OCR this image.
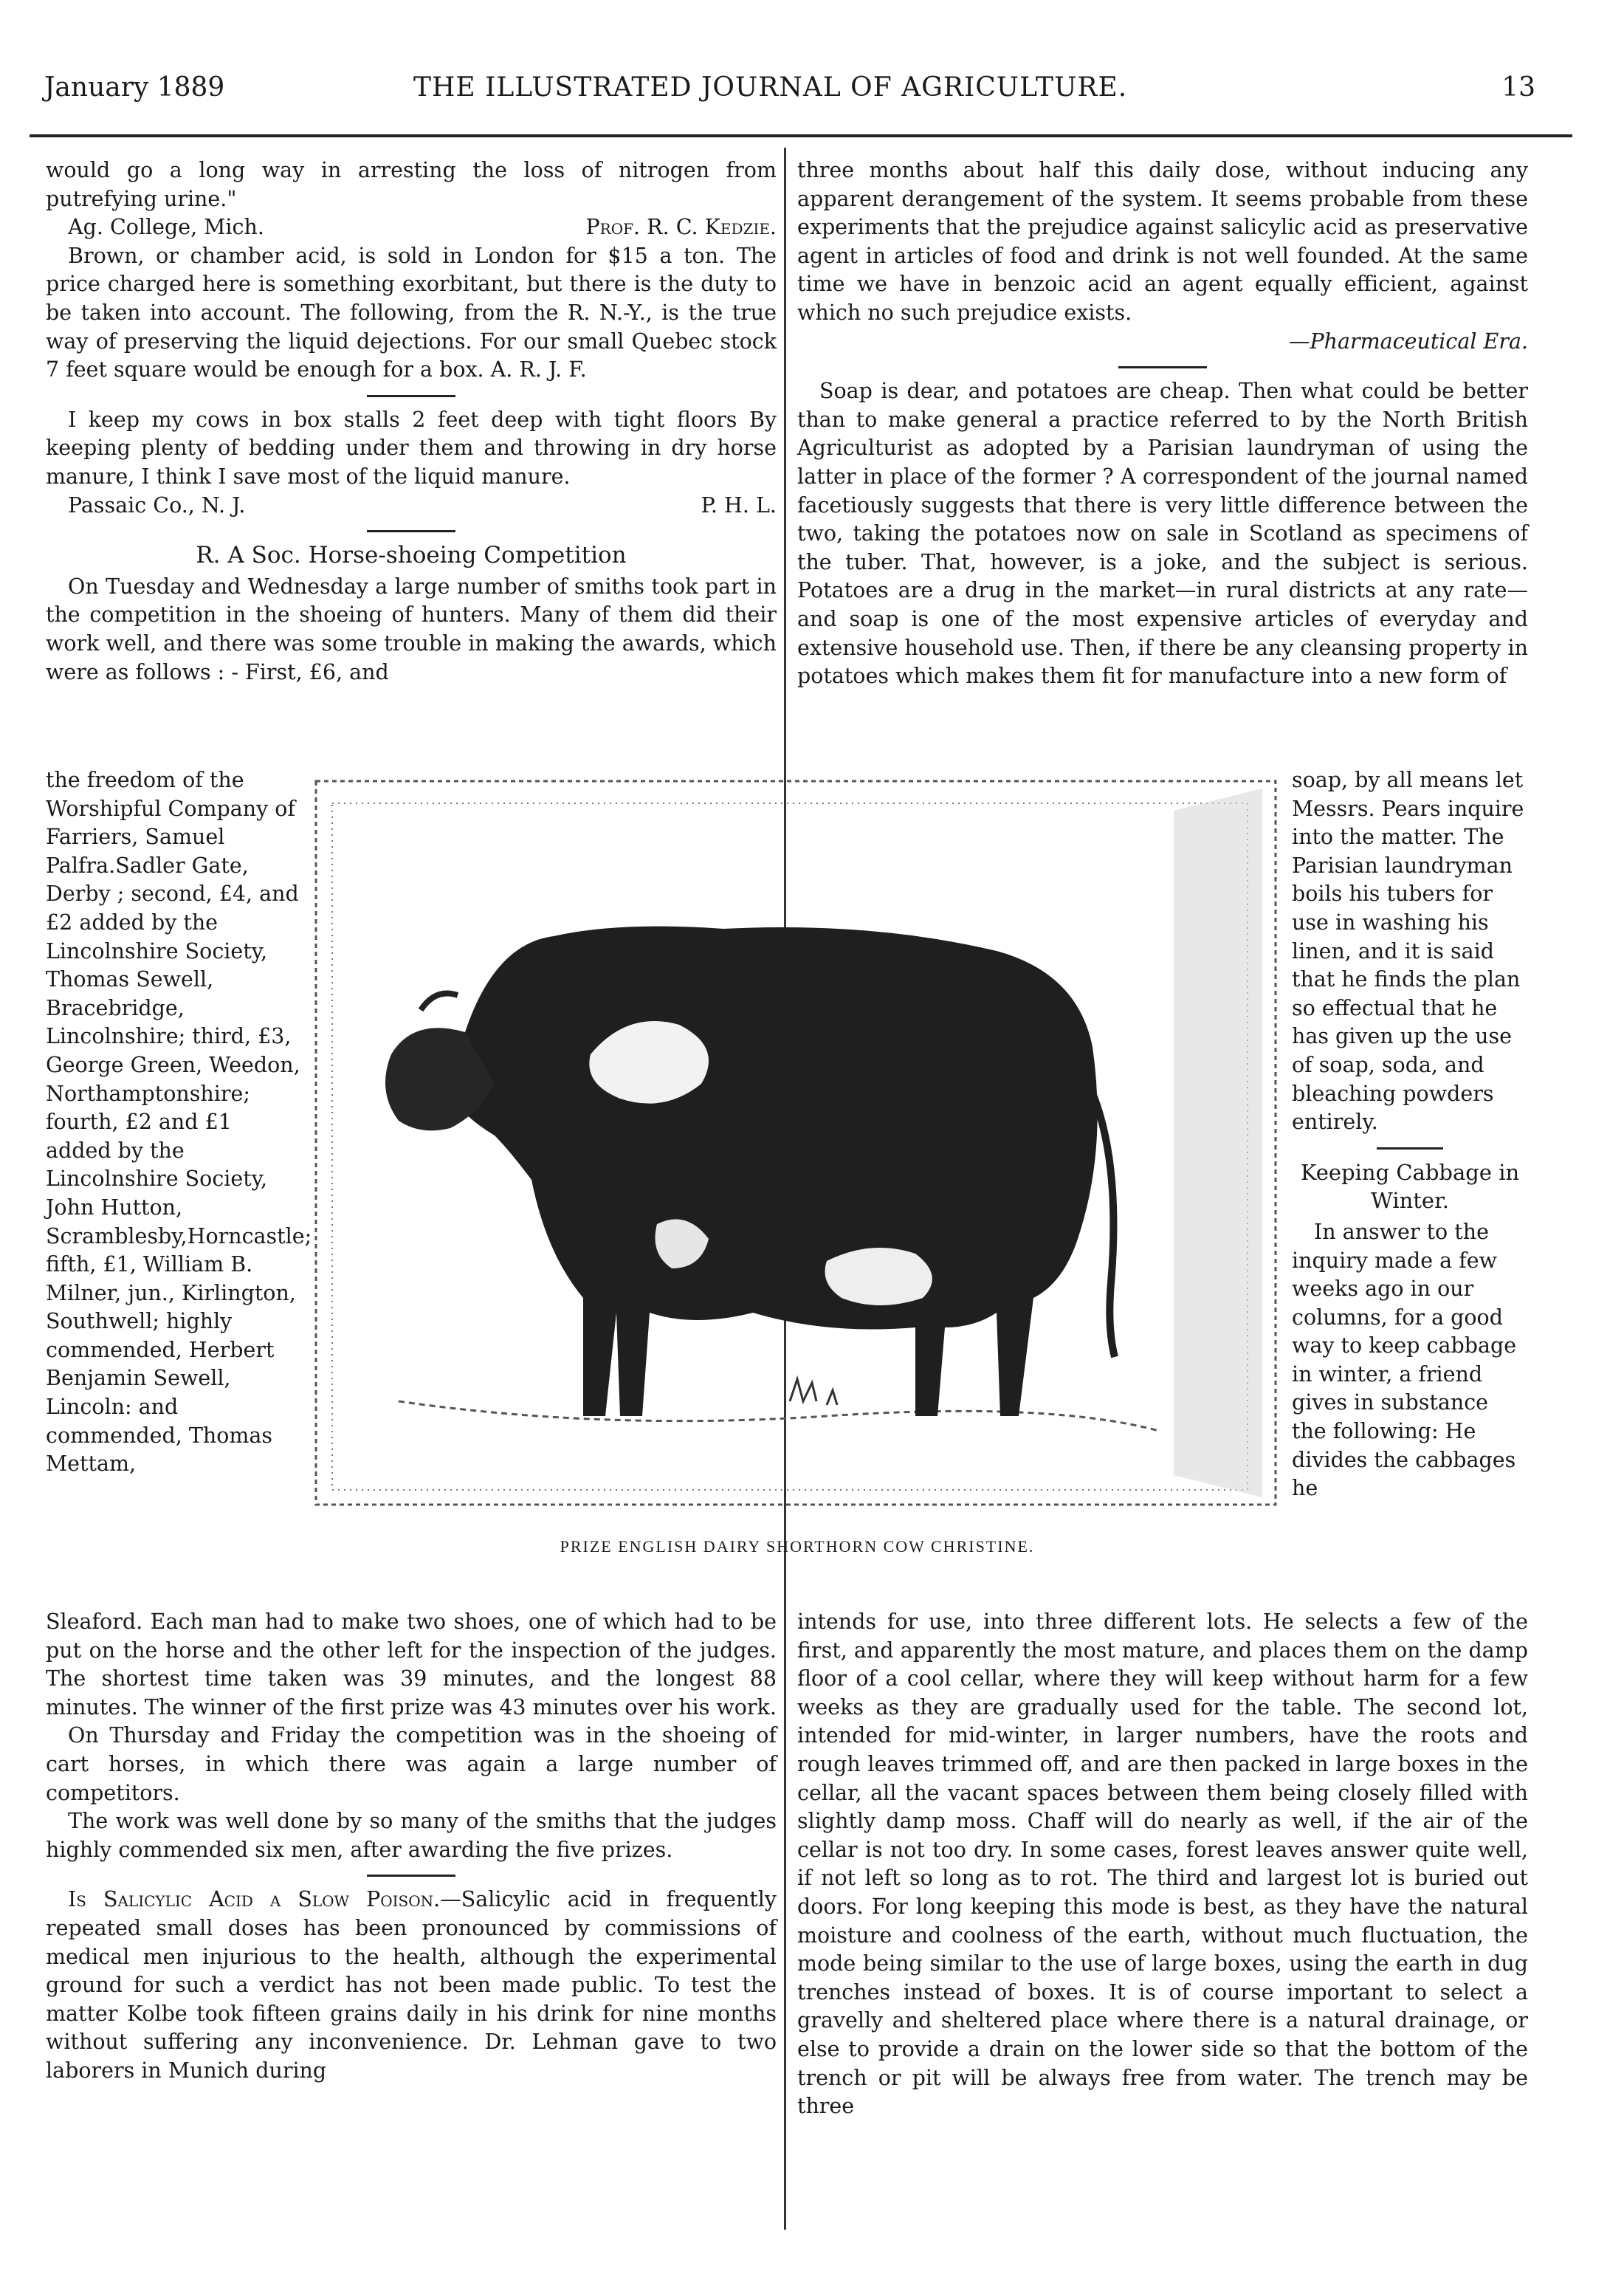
January 1889	THE ILLUSTRATED JOURNAL OF AGRICULTURE.	13

would go a long way in arresting the loss of nitrogen from putrefying urine."

Ag. College, Mich.	Prof. R. C. Kedzie.

Brown, or chamber acid, is sold in London for $15 a ton. The price charged here is something exorbitant, but there is the duty to be taken into account. The following, from the R. N.-Y., is the true way of preserving the liquid dejections. For our small Quebec stock 7 feet square would be enough for a box. A. R. J. F.

I keep my cows in box stalls 2 feet deep with tight floors By keeping plenty of bedding under them and throwing in dry horse manure, I think I save most of the liquid manure.

Passaic Co., N. J.	P. H. L.
R. A Soc. Horse-shoeing Competition

On Tuesday and Wednesday a large number of smiths took part in the competition in the shoeing of hunters. Many of them did their work well, and there was some trouble in making the awards, which were as follows : - First, £6, and

the freedom of the Worshipful Company of Farriers, Samuel Palfra.Sadler Gate, Derby ; second, £4, and £2 added by the Lincolnshire Society, Thomas Sewell, Bracebridge, Lincolnshire; third, £3, George Green, Weedon, Northamptonshire; fourth, £2 and £1 added by the Lincolnshire Society, John Hutton, Scramblesby,Horncastle; fifth, £1, William B. Milner, jun., Kirlington, Southwell; highly commended, Herbert Benjamin Sewell, Lincoln: and commended, Thomas Mettam,

PRIZE ENGLISH DAIRY SHORTHORN COW CHRISTINE.

three months about half this daily dose, without inducing any apparent derangement of the system. It seems probable from these experiments that the prejudice against salicylic acid as preservative agent in articles of food and drink is not well founded. At the same time we have in benzoic acid an agent equally efficient, against which no such prejudice exists.

—Pharmaceutical Era.

Soap is dear, and potatoes are cheap. Then what could be better than to make general a practice referred to by the North British Agriculturist as adopted by a Parisian laundryman of using the latter in place of the former ? A correspondent of the journal named facetiously suggests that there is very little difference between the two, taking the potatoes now on sale in Scotland as specimens of the tuber. That, however, is a joke, and the subject is serious. Potatoes are a drug in the market—in rural districts at any rate—and soap is one of the most expensive articles of everyday and extensive household use. Then, if there be any cleansing property in potatoes which makes them fit for manufacture into a new form of

soap, by all means let Messrs. Pears inquire into the matter. The Parisian laundryman boils his tubers for use in washing his linen, and it is said that he finds the plan so effectual that he has given up the use of soap, soda, and bleaching powders entirely.

Keeping Cabbage in Winter.

In answer to the inquiry made a few weeks ago in our columns, for a good way to keep cabbage in winter, a friend gives in substance the following: He divides the cabbages he

Sleaford. Each man had to make two shoes, one of which had to be put on the horse and the other left for the inspection of the judges. The shortest time taken was 39 minutes, and the longest 88 minutes. The winner of the first prize was 43 minutes over his work.

On Thursday and Friday the competition was in the shoeing of cart horses, in which there was again a large number of competitors.

The work was well done by so many of the smiths that the judges highly commended six men, after awarding the five prizes.

Is Salicylic Acid a Slow Poison.—Salicylic acid in frequently repeated small doses has been pronounced by commissions of medical men injurious to the health, although the experimental ground for such a verdict has not been made public. To test the matter Kolbe took fifteen grains daily in his drink for nine months without suffering any inconvenience. Dr. Lehman gave to two laborers in Munich during

intends for use, into three different lots. He selects a few of the first, and apparently the most mature, and places them on the damp floor of a cool cellar, where they will keep without harm for a few weeks as they are gradually used for the table. The second lot, intended for mid-winter, in larger numbers, have the roots and rough leaves trimmed off, and are then packed in large boxes in the cellar, all the vacant spaces between them being closely filled with slightly damp moss. Chaff will do nearly as well, if the air of the cellar is not too dry. In some cases, forest leaves answer quite well, if not left so long as to rot. The third and largest lot is buried out doors. For long keeping this mode is best, as they have the natural moisture and coolness of the earth, without much fluctuation, the mode being similar to the use of large boxes, using the earth in dug trenches instead of boxes. It is of course important to select a gravelly and sheltered place where there is a natural drainage, or else to provide a drain on the lower side so that the bottom of the trench or pit will be always free from water. The trench may be three
